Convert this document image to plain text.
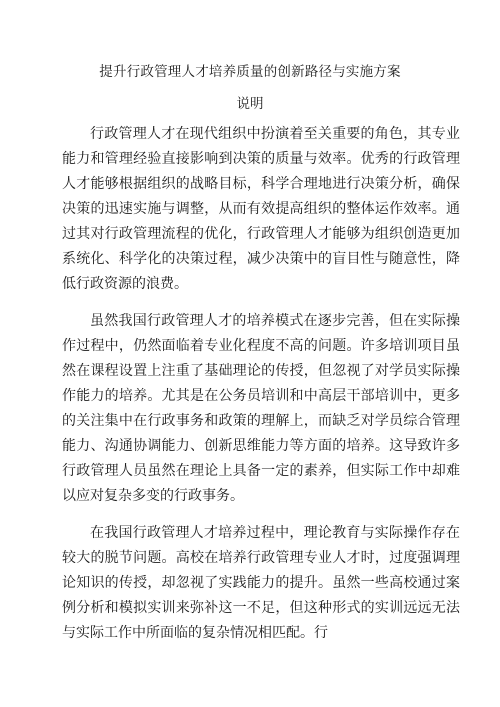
提升行政管理人才培养质量的创新路径与实施方案
说明

行政管理人才在现代组织中扮演着至关重要的角色，其专业能力和管理经验直接影响到决策的质量与效率。优秀的行政管理人才能够根据组织的战略目标，科学合理地进行决策分析，确保决策的迅速实施与调整，从而有效提高组织的整体运作效率。通过其对行政管理流程的优化，行政管理人才能够为组织创造更加系统化、科学化的决策过程，减少决策中的盲目性与随意性，降低行政资源的浪费。

虽然我国行政管理人才的培养模式在逐步完善，但在实际操作过程中，仍然面临着专业化程度不高的问题。许多培训项目虽然在课程设置上注重了基础理论的传授，但忽视了对学员实际操作能力的培养。尤其是在公务员培训和中高层干部培训中，更多的关注集中在行政事务和政策的理解上，而缺乏对学员综合管理能力、沟通协调能力、创新思维能力等方面的培养。这导致许多行政管理人员虽然在理论上具备一定的素养，但实际工作中却难以应对复杂多变的行政事务。

在我国行政管理人才培养过程中，理论教育与实际操作存在较大的脱节问题。高校在培养行政管理专业人才时，过度强调理论知识的传授，却忽视了实践能力的提升。虽然一些高校通过案例分析和模拟实训来弥补这一不足，但这种形式的实训远远无法与实际工作中所面临的复杂情况相匹配。行
